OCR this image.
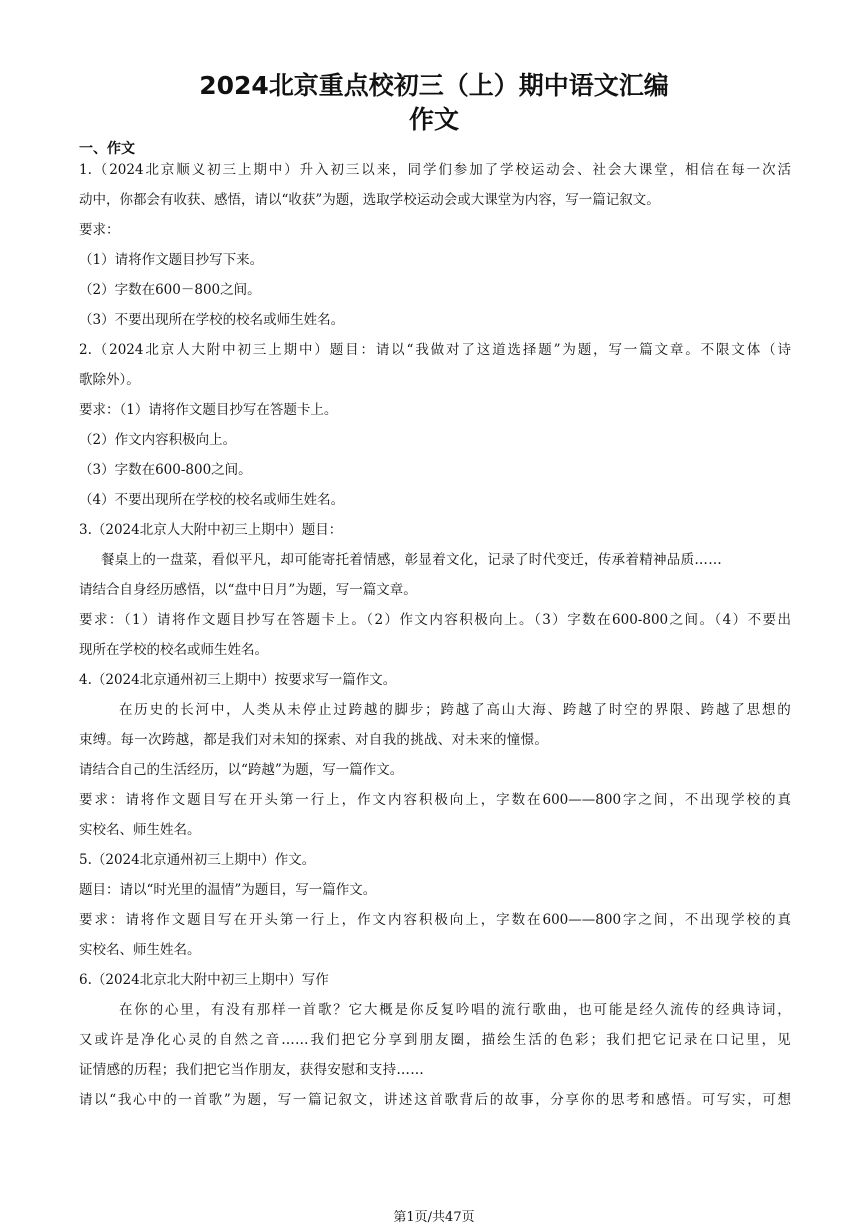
2024北京重点校初三（上）期中语文汇编
作文
一、作文
1.（2024北京顺义初三上期中）升入初三以来，同学们参加了学校运动会、社会大课堂，相信在每一次活
动中，你都会有收获、感悟，请以“收获”为题，选取学校运动会或大课堂为内容，写一篇记叙文。
要求：
（1）请将作文题目抄写下来。
（2）字数在600－800之间。
（3）不要出现所在学校的校名或师生姓名。
2.（2024北京人大附中初三上期中）题目：请以“我做对了这道选择题”为题，写一篇文章。不限文体（诗
歌除外）。
要求：（1）请将作文题目抄写在答题卡上。
（2）作文内容积极向上。
（3）字数在600-800之间。
（4）不要出现所在学校的校名或师生姓名。
3.（2024北京人大附中初三上期中）题目：
餐桌上的一盘菜，看似平凡，却可能寄托着情感，彰显着文化，记录了时代变迁，传承着精神品质……
请结合自身经历感悟，以“盘中日月”为题，写一篇文章。
要求：（1）请将作文题目抄写在答题卡上。（2）作文内容积极向上。（3）字数在600-800之间。（4）不要出
现所在学校的校名或师生姓名。
4.（2024北京通州初三上期中）按要求写一篇作文。
在历史的长河中，人类从未停止过跨越的脚步；跨越了高山大海、跨越了时空的界限、跨越了思想的
束缚。每一次跨越，都是我们对未知的探索、对自我的挑战、对未来的憧憬。
请结合自己的生活经历，以“跨越”为题，写一篇作文。
要求：请将作文题目写在开头第一行上，作文内容积极向上，字数在600——800字之间，不出现学校的真
实校名、师生姓名。
5.（2024北京通州初三上期中）作文。
题目：请以“时光里的温情”为题目，写一篇作文。
要求：请将作文题目写在开头第一行上，作文内容积极向上，字数在600——800字之间，不出现学校的真
实校名、师生姓名。
6.（2024北京北大附中初三上期中）写作
在你的心里，有没有那样一首歌？它大概是你反复吟唱的流行歌曲，也可能是经久流传的经典诗词，
又或许是净化心灵的自然之音……我们把它分享到朋友圈，描绘生活的色彩；我们把它记录在口记里，见
证情感的历程；我们把它当作朋友，获得安慰和支持……
请以“我心中的一首歌”为题，写一篇记叙文，讲述这首歌背后的故事，分享你的思考和感悟。可写实，可想
第1页/共47页
